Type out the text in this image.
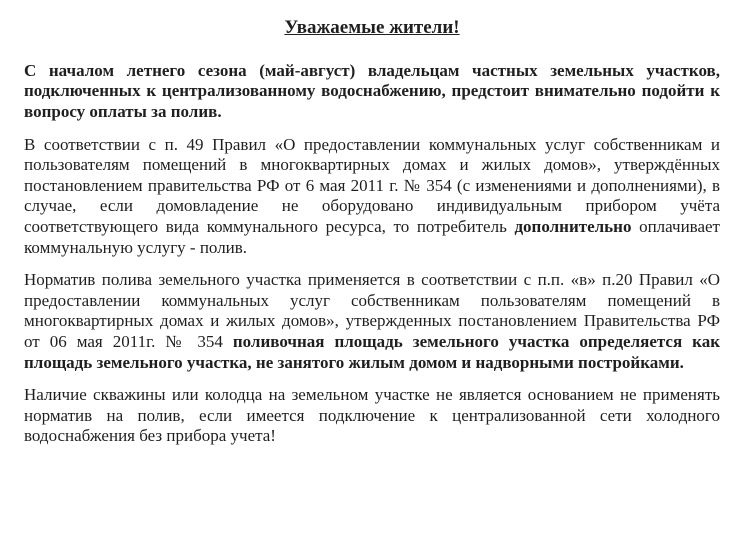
Уважаемые жители!

С началом летнего сезона (май-август) владельцам частных земельных участков, подключенных к централизованному водоснабжению, предстоит внимательно подойти к вопросу оплаты за полив.

В соответствии с п. 49 Правил «О предоставлении коммунальных услуг собственникам и пользователям помещений в многоквартирных домах и жилых домов», утверждённых постановлением правительства РФ от 6 мая 2011 г. № 354 (с изменениями и дополнениями), в случае, если домовладение не оборудовано индивидуальным прибором учёта соответствующего вида коммунального ресурса, то потребитель дополнительно оплачивает коммунальную услугу - полив.

Норматив полива земельного участка применяется в соответствии с п.п. «в» п.20 Правил «О предоставлении коммунальных услуг собственникам пользователям помещений в многоквартирных домах и жилых домов», утвержденных постановлением Правительства РФ от 06 мая 2011г. № 354 поливочная площадь земельного участка определяется как площадь земельного участка, не занятого жилым домом и надворными постройками.

Наличие скважины или колодца на земельном участке не является основанием не применять норматив на полив, если имеется подключение к централизованной сети холодного водоснабжения без прибора учета!
